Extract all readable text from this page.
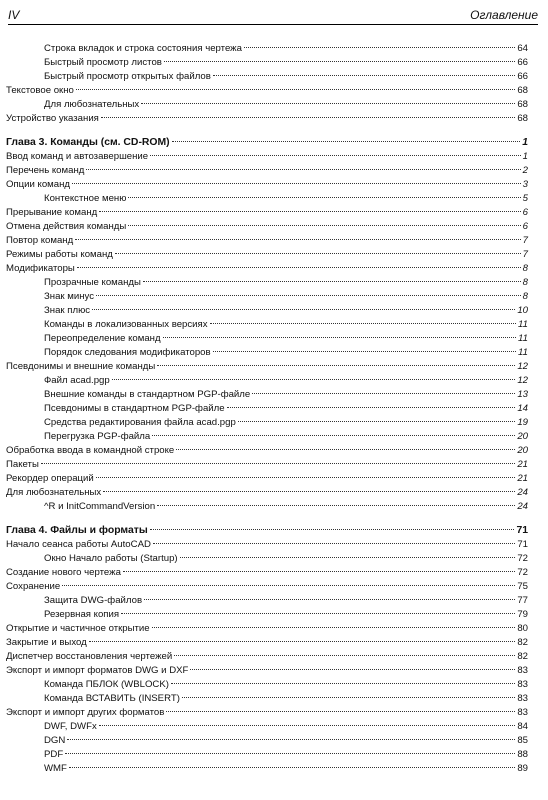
IV	Оглавление
Строка вкладок и строка состояния чертежа	64
Быстрый просмотр листов	66
Быстрый просмотр открытых файлов	66
Текстовое окно	68
Для любознательных	68
Устройство указания	68
Глава 3. Команды (см. CD-ROM)	1
Ввод команд и автозавершение	1
Перечень команд	2
Опции команд	3
Контекстное меню	5
Прерывание команд	6
Отмена действия команды	6
Повтор команд	7
Режимы работы команд	7
Модификаторы	8
Прозрачные команды	8
Знак минус	8
Знак плюс	10
Команды в локализованных версиях	11
Переопределение команд	11
Порядок следования модификаторов	11
Псевдонимы и внешние команды	12
Файл acad.pgp	12
Внешние команды в стандартном PGP-файле	13
Псевдонимы в стандартном PGP-файле	14
Средства редактирования файла acad.pgp	19
Перегрузка PGP-файла	20
Обработка ввода в командной строке	20
Пакеты	21
Рекордер операций	21
Для любознательных	24
^R и InitCommandVersion	24
Глава 4. Файлы и форматы	71
Начало сеанса работы AutoCAD	71
Окно Начало работы (Startup)	72
Создание нового чертежа	72
Сохранение	75
Защита DWG-файлов	77
Резервная копия	79
Открытие и частичное открытие	80
Закрытие и выход	82
Диспетчер восстановления чертежей	82
Экспорт и импорт форматов DWG и DXF	83
Команда ПБЛОК (WBLOCK)	83
Команда ВСТАВИТЬ (INSERT)	83
Экспорт и импорт других форматов	83
DWF, DWFx	84
DGN	85
PDF	88
WMF	89
